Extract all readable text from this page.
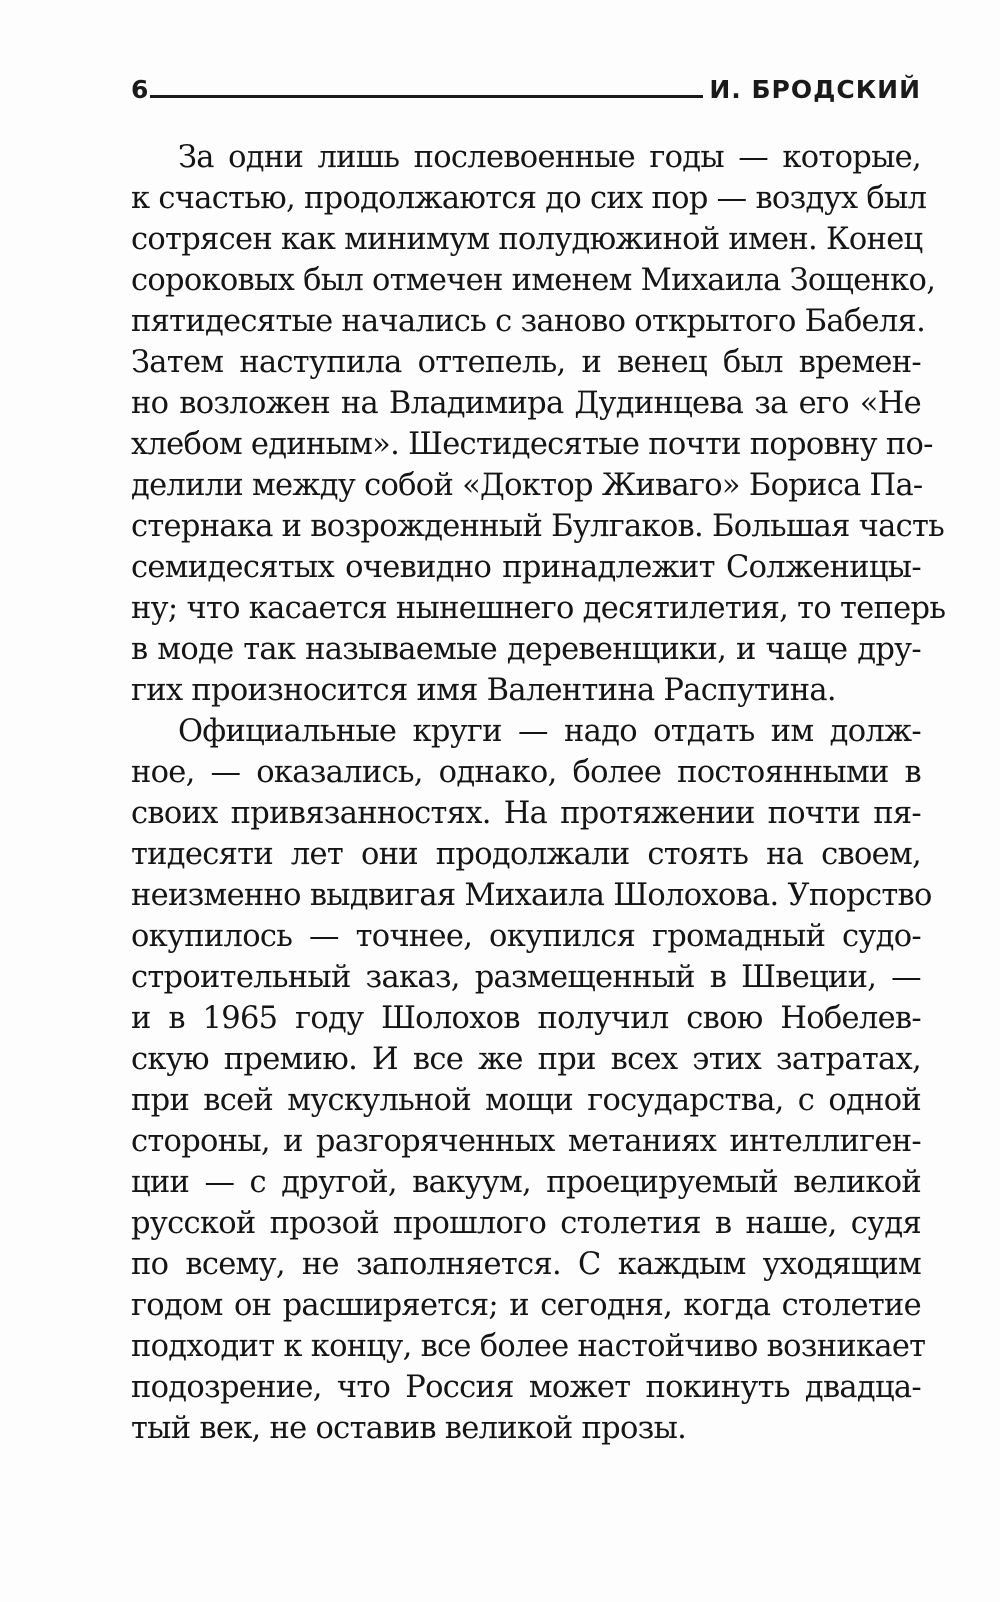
6	И. БРОДСКИЙ
За одни лишь послевоенные годы — которые,
к счастью, продолжаются до сих пор — воздух был
сотрясен как минимум полудюжиной имен. Конец
сороковых был отмечен именем Михаила Зощенко,
пятидесятые начались с заново открытого Бабеля.
Затем наступила оттепель, и венец был времен-
но возложен на Владимира Дудинцева за его «Не
хлебом единым». Шестидесятые почти поровну по-
делили между собой «Доктор Живаго» Бориса Па-
стернака и возрожденный Булгаков. Большая часть
семидесятых очевидно принадлежит Солженицы-
ну; что касается нынешнего десятилетия, то теперь
в моде так называемые деревенщики, и чаще дру-
гих произносится имя Валентина Распутина.
Официальные круги — надо отдать им долж-
ное, — оказались, однако, более постоянными в
своих привязанностях. На протяжении почти пя-
тидесяти лет они продолжали стоять на своем,
неизменно выдвигая Михаила Шолохова. Упорство
окупилось — точнее, окупился громадный судо-
строительный заказ, размещенный в Швеции, —
и в 1965 году Шолохов получил свою Нобелев-
скую премию. И все же при всех этих затратах,
при всей мускульной мощи государства, с одной
стороны, и разгоряченных метаниях интеллиген-
ции — с другой, вакуум, проецируемый великой
русской прозой прошлого столетия в наше, судя
по всему, не заполняется. С каждым уходящим
годом он расширяется; и сегодня, когда столетие
подходит к концу, все более настойчиво возникает
подозрение, что Россия может покинуть двадца-
тый век, не оставив великой прозы.
